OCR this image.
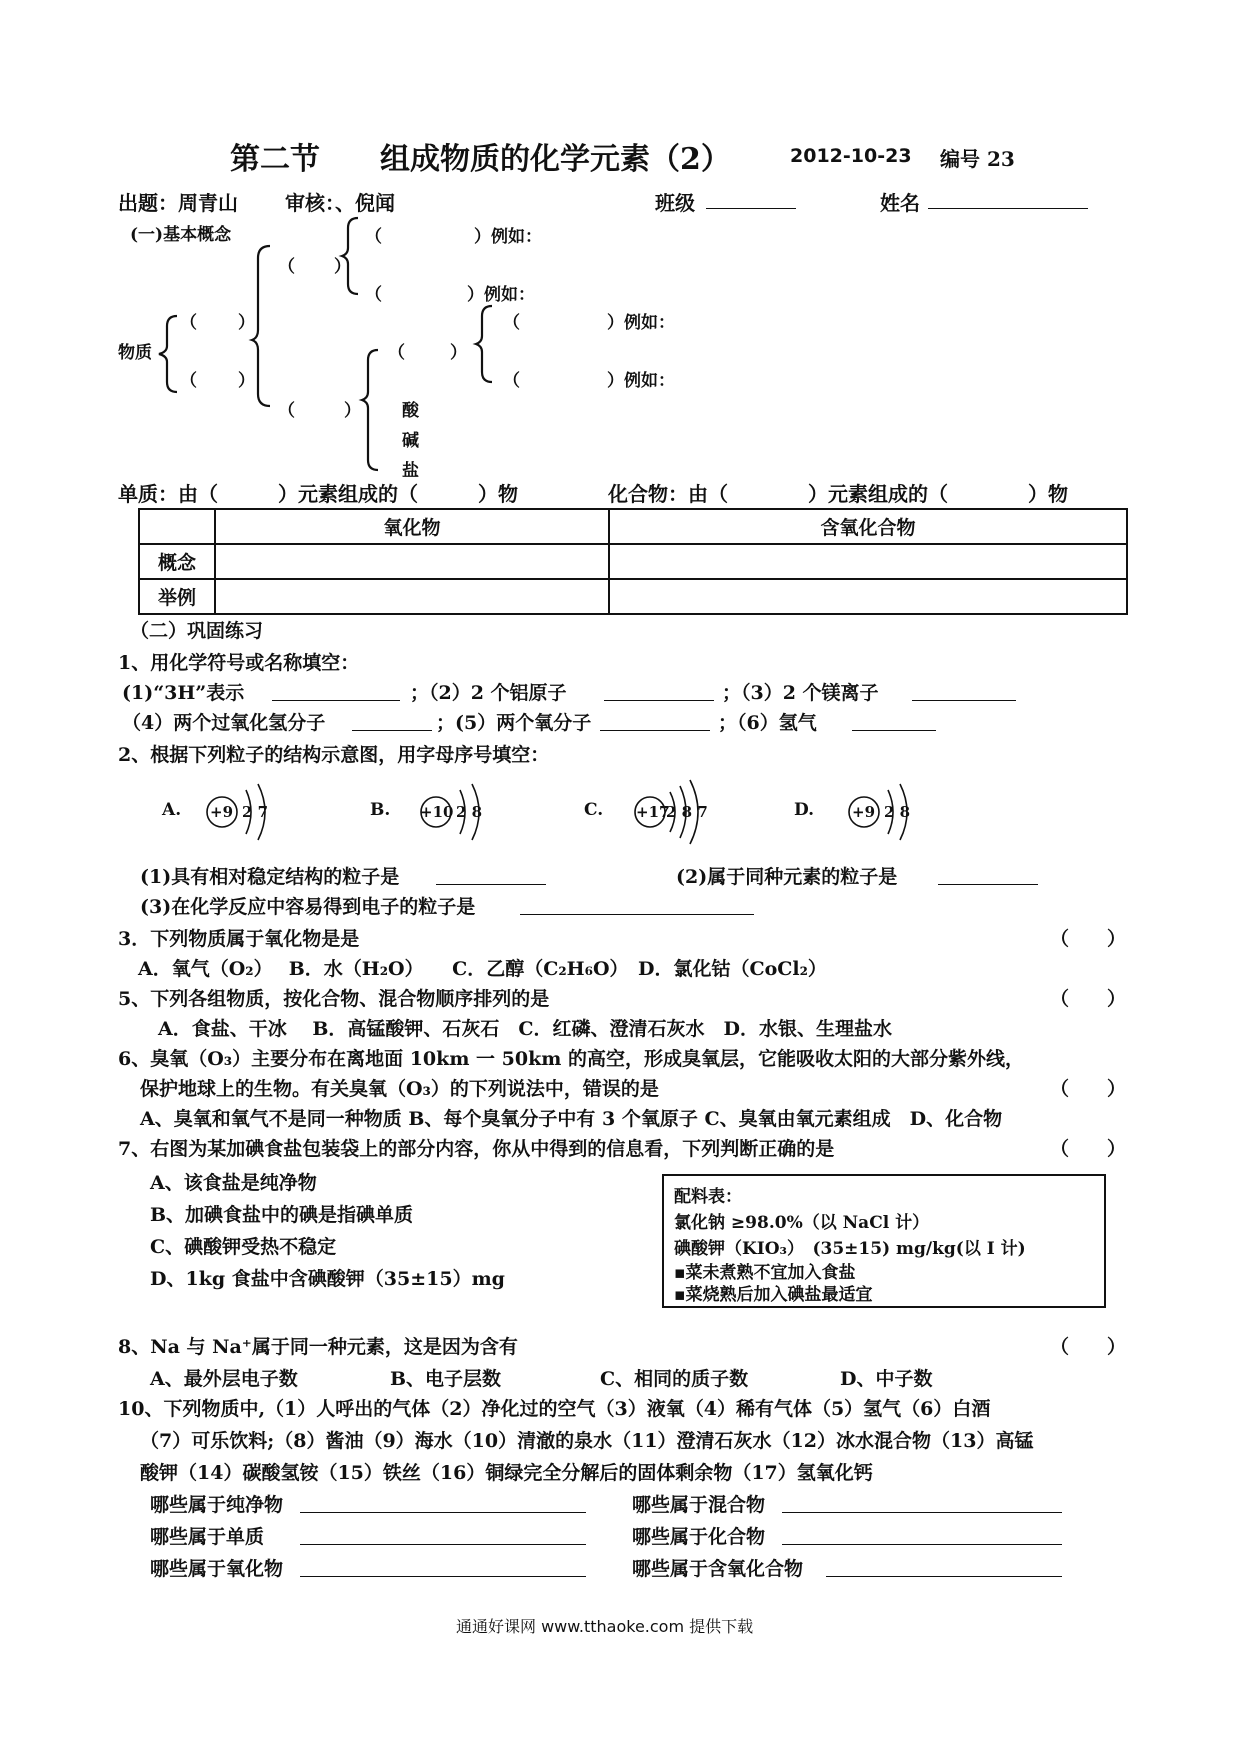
第二节　　组成物质的化学元素（2）	2012-10-23 编号 23
出题：周青山 审核：、倪闻	班级	姓名
(一)基本概念
物质
（	）例如：
（ ）
（	）例如：
（ ）	（	）例如：
（	）
（ ）	（	）例如：
（	） 酸
碱
盐
单质：由（　　　）元素组成的（　　　）物	化合物：由（　　　　）元素组成的（　　　　）物
	氧化物	含氧化合物
概念		
举例		
（二）巩固练习
1、用化学符号或名称填空：
(1)“3H”表示	；（2）2 个铝原子	；（3）2 个镁离子
（4）两个过氧化氢分子	；(5）两个氧分子	；（6）氢气
2、根据下列粒子的结构示意图，用字母序号填空：
A.	B.	C.	D.
+9 2 7	+10 2 8	+17
2 8 7	+9 2 8
(1)具有相对稳定结构的粒子是	(2)属于同种元素的粒子是
(3)在化学反应中容易得到电子的粒子是
3．下列物质属于氧化物是是	（　　）
A．氧气（O₂）　 B．水（H₂O）　　C．乙醇（C₂H₆O）　D．氯化钴（CoCl₂）
5、下列各组物质，按化合物、混合物顺序排列的是	（　　）
A．食盐、干冰　 B．高锰酸钾、石灰石　C．红磷、澄清石灰水　D．水银、生理盐水
6、臭氧（O₃）主要分布在离地面 10km 一 50km 的高空，形成臭氧层，它能吸收太阳的大部分紫外线，
保护地球上的生物。有关臭氧（O₃）的下列说法中，错误的是	（　　）
A、臭氧和氧气不是同一种物质 B、每个臭氧分子中有 3 个氧原子 C、臭氧由氧元素组成　D、化合物
7、右图为某加碘食盐包装袋上的部分内容，你从中得到的信息看，下列判断正确的是	（　　）
A、该食盐是纯净物
B、加碘食盐中的碘是指碘单质
C、碘酸钾受热不稳定
D、1kg 食盐中含碘酸钾（35±15）mg
配料表：
氯化钠 ≥98.0%（以 NaCl 计）
碘酸钾（KIO₃）　(35±15) mg/kg(以 I 计)
▪菜未煮熟不宜加入食盐
▪菜烧熟后加入碘盐最适宜
8、Na 与 Na⁺属于同一种元素，这是因为含有	（　　）
A、最外层电子数	B、电子层数	C、相同的质子数	D、中子数
10、下列物质中,（1）人呼出的气体（2）净化过的空气（3）液氧（4）稀有气体（5）氢气（6）白酒
（7）可乐饮料;（8）酱油（9）海水（10）清澈的泉水（11）澄清石灰水（12）冰水混合物（13）高锰
酸钾（14）碳酸氢铵（15）铁丝（16）铜绿完全分解后的固体剩余物（17）氢氧化钙
哪些属于纯净物	哪些属于混合物
哪些属于单质	哪些属于化合物
哪些属于氧化物	哪些属于含氧化合物
通通好课网 www.tthaoke.com 提供下载
